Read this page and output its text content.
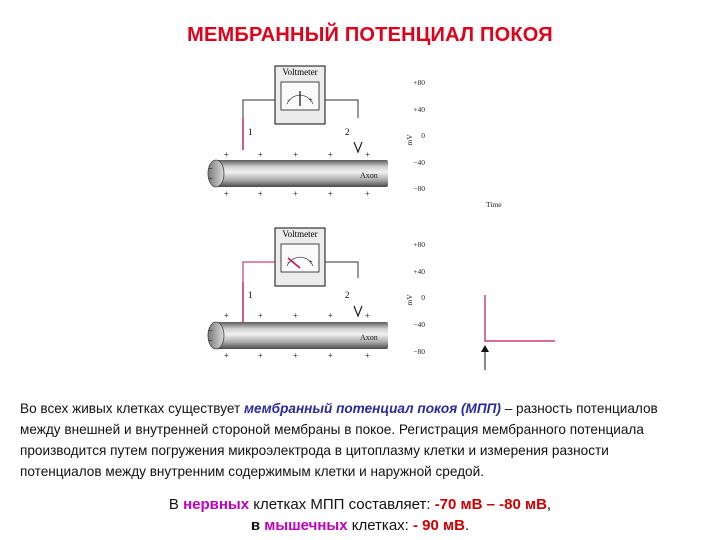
МЕМБРАННЫЙ ПОТЕНЦИАЛ ПОКОЯ
Voltmeter
−	+
1	2
−
−	Axon
+	+	+	+	+
+	+	+	+	+
+80
+40
0
−40
−80
mV
Time
Voltmeter
−	+
1	2
−
−	Axon
+	+	+	+	+
+	+	+	+	+
+80
+40
0
−40
−80
mV
Во всех живых клетках существует мембранный потенциал покоя (МПП) – разность потенциалов между внешней и внутренней стороной мембраны в покое. Регистрация мембранного потенциала производится путем погружения микроэлектрода в цитоплазму клетки и измерения разности потенциалов между внутренним содержимым клетки и наружной средой.
В нервных клетках МПП составляет: -70 мВ – -80 мВ,
в мышечных клетках: - 90 мВ.
